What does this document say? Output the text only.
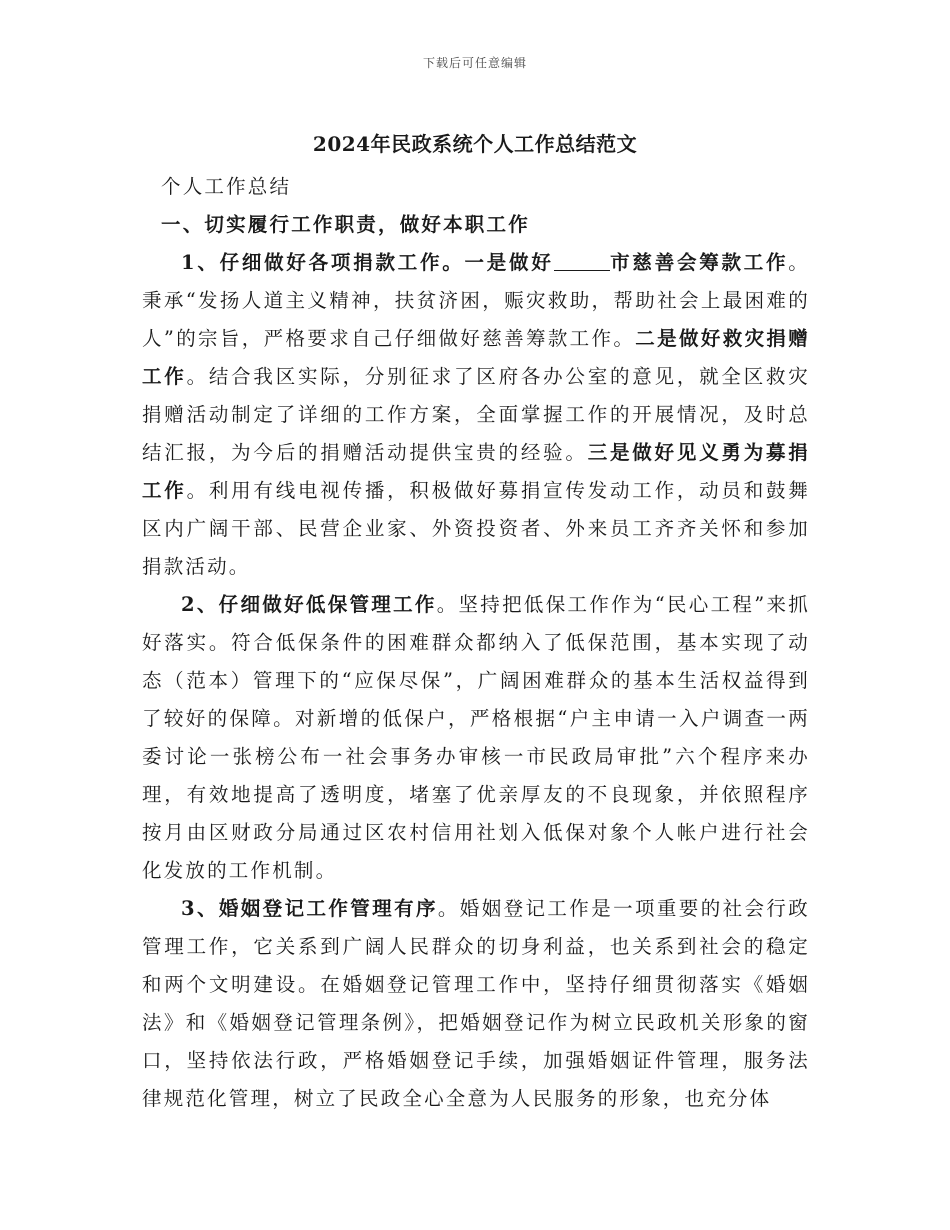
下载后可任意编辑
2024年民政系统个人工作总结范文

个人工作总结

一、切实履行工作职责，做好本职工作

1、仔细做好各项捐款工作。一是做好	市慈善会筹款工作。秉承“发扬人道主义精神，扶贫济困，赈灾救助，帮助社会上最困难的人”的宗旨，严格要求自己仔细做好慈善筹款工作。二是做好救灾捐赠工作。结合我区实际，分别征求了区府各办公室的意见，就全区救灾捐赠活动制定了详细的工作方案，全面掌握工作的开展情况，及时总结汇报，为今后的捐赠活动提供宝贵的经验。三是做好见义勇为募捐工作。利用有线电视传播，积极做好募捐宣传发动工作，动员和鼓舞区内广阔干部、民营企业家、外资投资者、外来员工齐齐关怀和参加捐款活动。

2、仔细做好低保管理工作。坚持把低保工作作为“民心工程”来抓好落实。符合低保条件的困难群众都纳入了低保范围，基本实现了动态（范本）管理下的“应保尽保”，广阔困难群众的基本生活权益得到了较好的保障。对新增的低保户，严格根据“户主申请一入户调查一两委讨论一张榜公布一社会事务办审核一市民政局审批”六个程序来办理，有效地提高了透明度，堵塞了优亲厚友的不良现象，并依照程序按月由区财政分局通过区农村信用社划入低保对象个人帐户进行社会化发放的工作机制。

3、婚姻登记工作管理有序。婚姻登记工作是一项重要的社会行政管理工作，它关系到广阔人民群众的切身利益，也关系到社会的稳定和两个文明建设。在婚姻登记管理工作中，坚持仔细贯彻落实《婚姻法》和《婚姻登记管理条例》，把婚姻登记作为树立民政机关形象的窗口，坚持依法行政，严格婚姻登记手续，加强婚姻证件管理，服务法律规范化管理，树立了民政全心全意为人民服务的形象，也充分体
